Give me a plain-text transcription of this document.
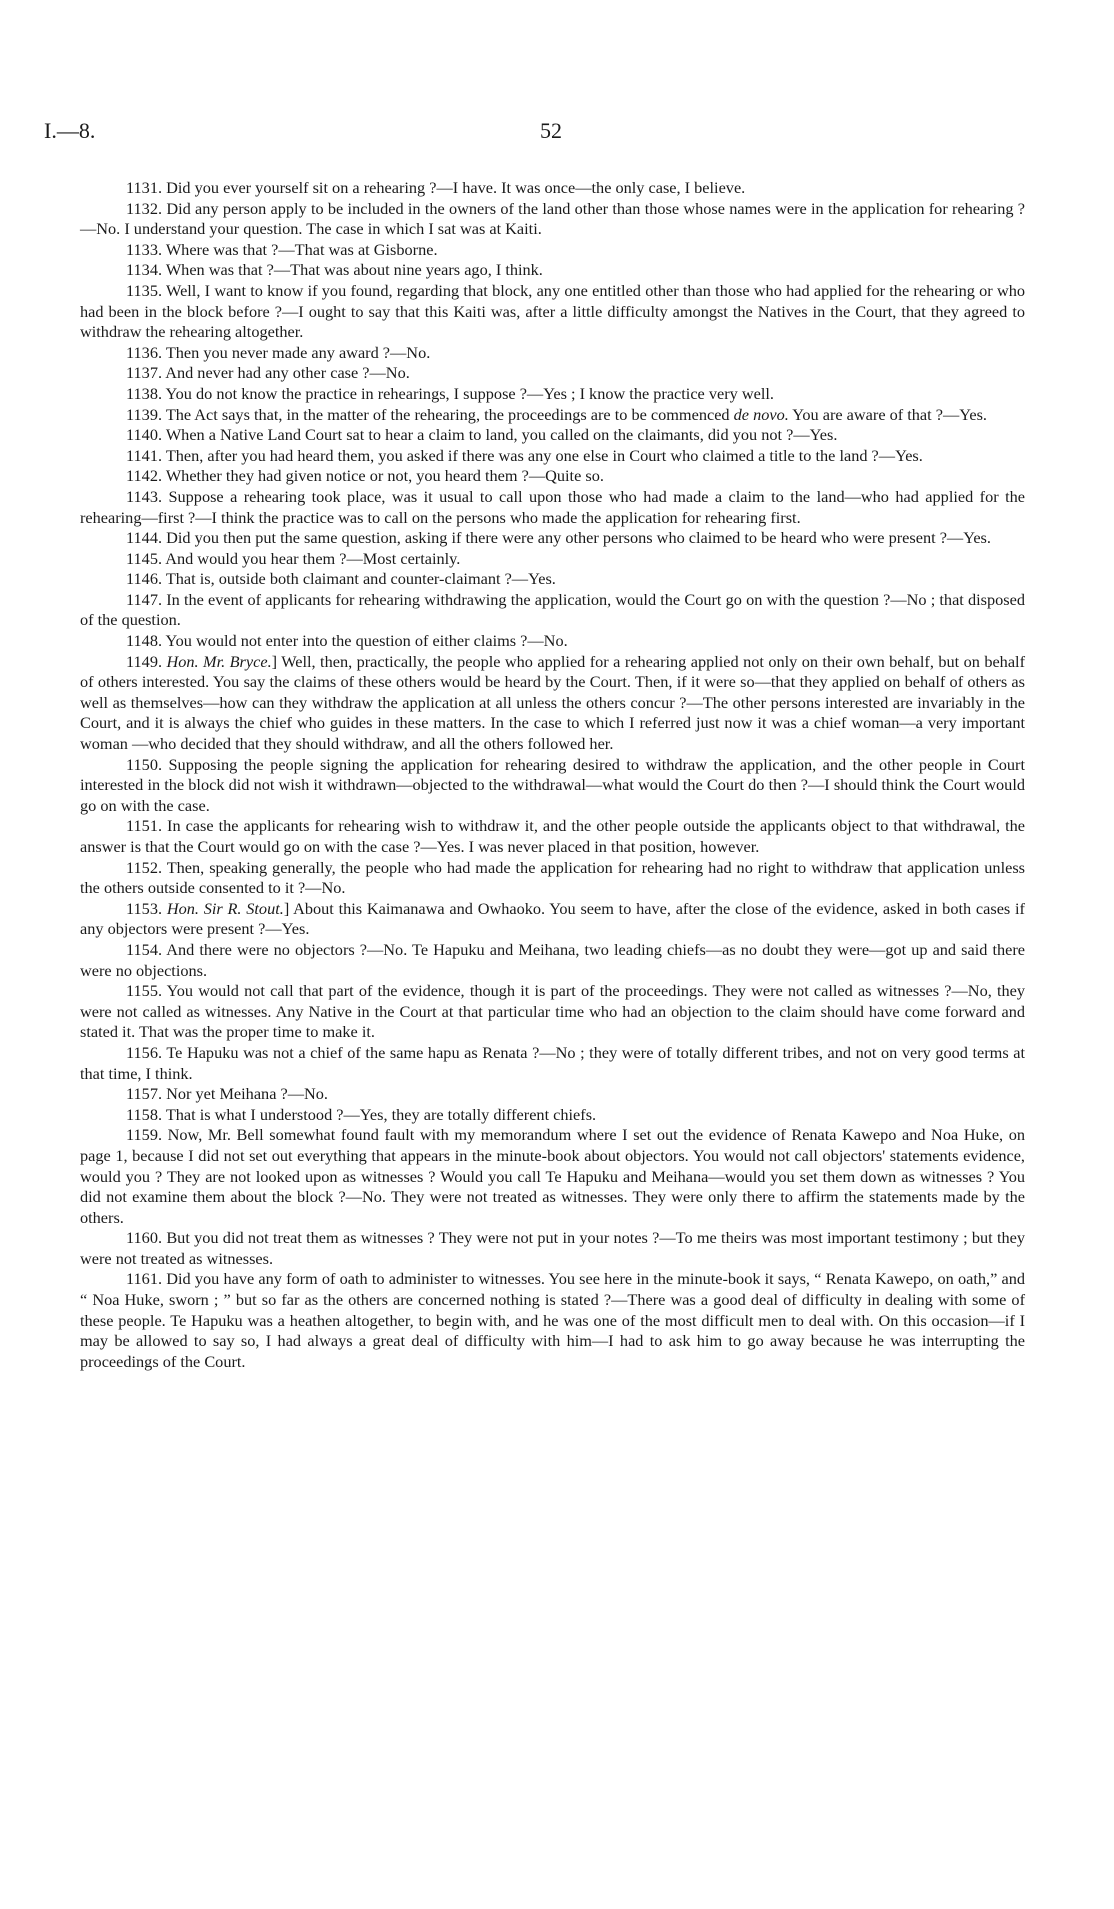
I.—8.	52

1131. Did you ever yourself sit on a rehearing ?—I have. It was once—the only case, I believe.

1132. Did any person apply to be included in the owners of the land other than those whose names were in the application for rehearing ?—No. I understand your question. The case in which I sat was at Kaiti.

1133. Where was that ?—That was at Gisborne.

1134. When was that ?—That was about nine years ago, I think.

1135. Well, I want to know if you found, regarding that block, any one entitled other than those who had applied for the rehearing or who had been in the block before ?—I ought to say that this Kaiti was, after a little difficulty amongst the Natives in the Court, that they agreed to withdraw the rehearing altogether.

1136. Then you never made any award ?—No.

1137. And never had any other case ?—No.

1138. You do not know the practice in rehearings, I suppose ?—Yes ; I know the practice very well.

1139. The Act says that, in the matter of the rehearing, the proceedings are to be commenced de novo. You are aware of that ?—Yes.

1140. When a Native Land Court sat to hear a claim to land, you called on the claimants, did you not ?—Yes.

1141. Then, after you had heard them, you asked if there was any one else in Court who claimed a title to the land ?—Yes.

1142. Whether they had given notice or not, you heard them ?—Quite so.

1143. Suppose a rehearing took place, was it usual to call upon those who had made a claim to the land—who had applied for the rehearing—first ?—I think the practice was to call on the persons who made the application for rehearing first.

1144. Did you then put the same question, asking if there were any other persons who claimed to be heard who were present ?—Yes.

1145. And would you hear them ?—Most certainly.

1146. That is, outside both claimant and counter-claimant ?—Yes.

1147. In the event of applicants for rehearing withdrawing the application, would the Court go on with the question ?—No ; that disposed of the question.

1148. You would not enter into the question of either claims ?—No.

1149. Hon. Mr. Bryce.] Well, then, practically, the people who applied for a rehearing applied not only on their own behalf, but on behalf of others interested. You say the claims of these others would be heard by the Court. Then, if it were so—that they applied on behalf of others as well as themselves—how can they withdraw the application at all unless the others concur ?—The other persons interested are invariably in the Court, and it is always the chief who guides in these matters. In the case to which I referred just now it was a chief woman—a very important woman —who decided that they should withdraw, and all the others followed her.

1150. Supposing the people signing the application for rehearing desired to withdraw the application, and the other people in Court interested in the block did not wish it withdrawn—objected to the withdrawal—what would the Court do then ?—I should think the Court would go on with the case.

1151. In case the applicants for rehearing wish to withdraw it, and the other people outside the applicants object to that withdrawal, the answer is that the Court would go on with the case ?—Yes. I was never placed in that position, however.

1152. Then, speaking generally, the people who had made the application for rehearing had no right to withdraw that application unless the others outside consented to it ?—No.

1153. Hon. Sir R. Stout.] About this Kaimanawa and Owhaoko. You seem to have, after the close of the evidence, asked in both cases if any objectors were present ?—Yes.

1154. And there were no objectors ?—No. Te Hapuku and Meihana, two leading chiefs—as no doubt they were—got up and said there were no objections.

1155. You would not call that part of the evidence, though it is part of the proceedings. They were not called as witnesses ?—No, they were not called as witnesses. Any Native in the Court at that particular time who had an objection to the claim should have come forward and stated it. That was the proper time to make it.

1156. Te Hapuku was not a chief of the same hapu as Renata ?—No ; they were of totally different tribes, and not on very good terms at that time, I think.

1157. Nor yet Meihana ?—No.

1158. That is what I understood ?—Yes, they are totally different chiefs.

1159. Now, Mr. Bell somewhat found fault with my memorandum where I set out the evidence of Renata Kawepo and Noa Huke, on page 1, because I did not set out everything that appears in the minute-book about objectors. You would not call objectors' statements evidence, would you ? They are not looked upon as witnesses ? Would you call Te Hapuku and Meihana—would you set them down as witnesses ? You did not examine them about the block ?—No. They were not treated as witnesses. They were only there to affirm the statements made by the others.

1160. But you did not treat them as witnesses ? They were not put in your notes ?—To me theirs was most important testimony ; but they were not treated as witnesses.

1161. Did you have any form of oath to administer to witnesses. You see here in the minute-book it says, “ Renata Kawepo, on oath,” and “ Noa Huke, sworn ; ” but so far as the others are concerned nothing is stated ?—There was a good deal of difficulty in dealing with some of these people. Te Hapuku was a heathen altogether, to begin with, and he was one of the most difficult men to deal with. On this occasion—if I may be allowed to say so, I had always a great deal of difficulty with him—I had to ask him to go away because he was interrupting the proceedings of the Court.
